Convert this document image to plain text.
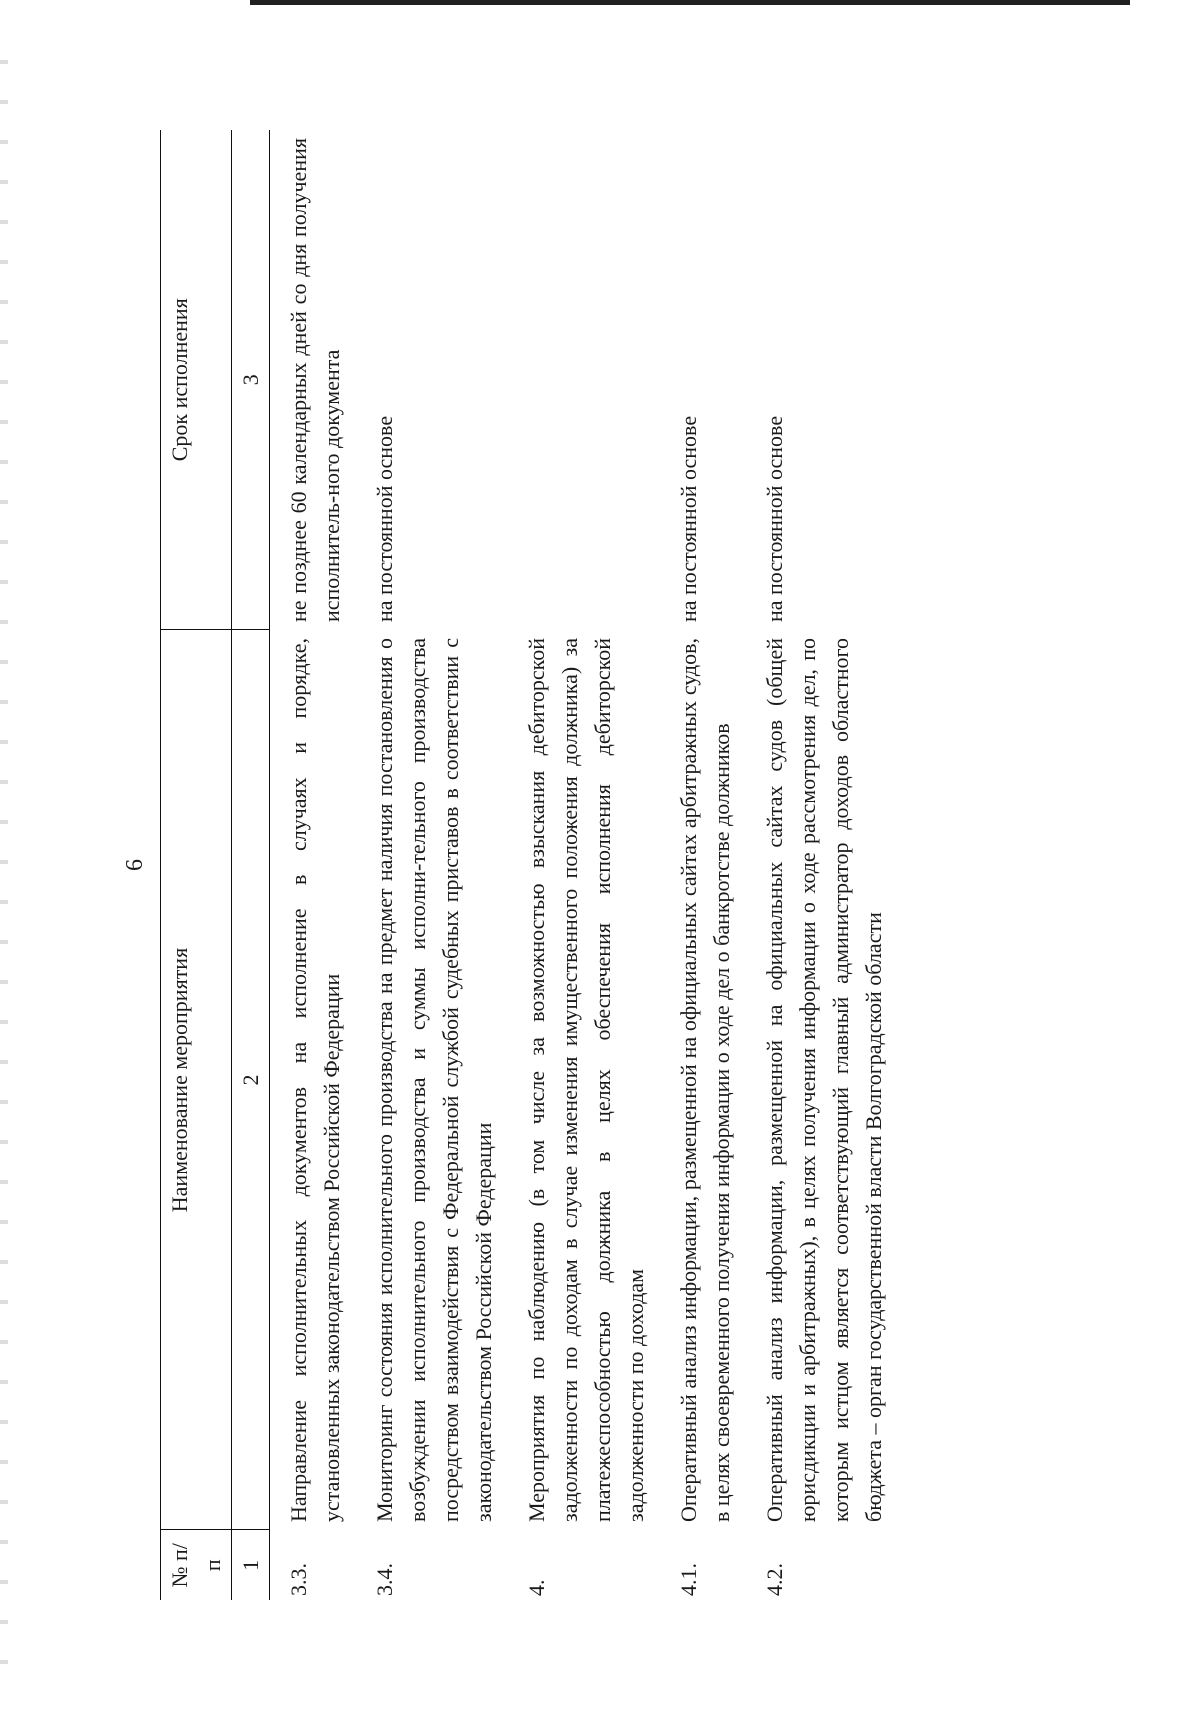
6
№ п/п	Наименование мероприятия	Срок исполнения
1	2	3
3.3.	Направление исполнительных документов на исполнение в случаях и порядке, установленных законодательством Российской Федерации	не позднее 60 календарных дней со дня получения исполнитель-ного документа
3.4.	Мониторинг состояния исполнительного производства на предмет наличия постановления о возбуждении исполнительного производства и суммы исполни-тельного производства посредством взаимодействия с Федеральной службой судебных приставов в соответствии с законодательством Российской Федерации	на постоянной основе
4.	Мероприятия по наблюдению (в том числе за возможностью взыскания дебиторской задолженности по доходам в случае изменения имущественного положения должника) за платежеспособностью должника в целях обеспечения исполнения дебиторской задолженности по доходам	
4.1.	Оперативный анализ информации, размещенной на официальных сайтах арбитражных судов, в целях своевременного получения информации о ходе дел о банкротстве должников	на постоянной основе
4.2.	Оперативный анализ информации, размещенной на официальных сайтах судов (общей юрисдикции и арбитражных), в целях получения информации о ходе рассмотрения дел, по которым истцом является соответствующий главный администратор доходов областного бюджета – орган государственной власти Волгоградской области	на постоянной основе
